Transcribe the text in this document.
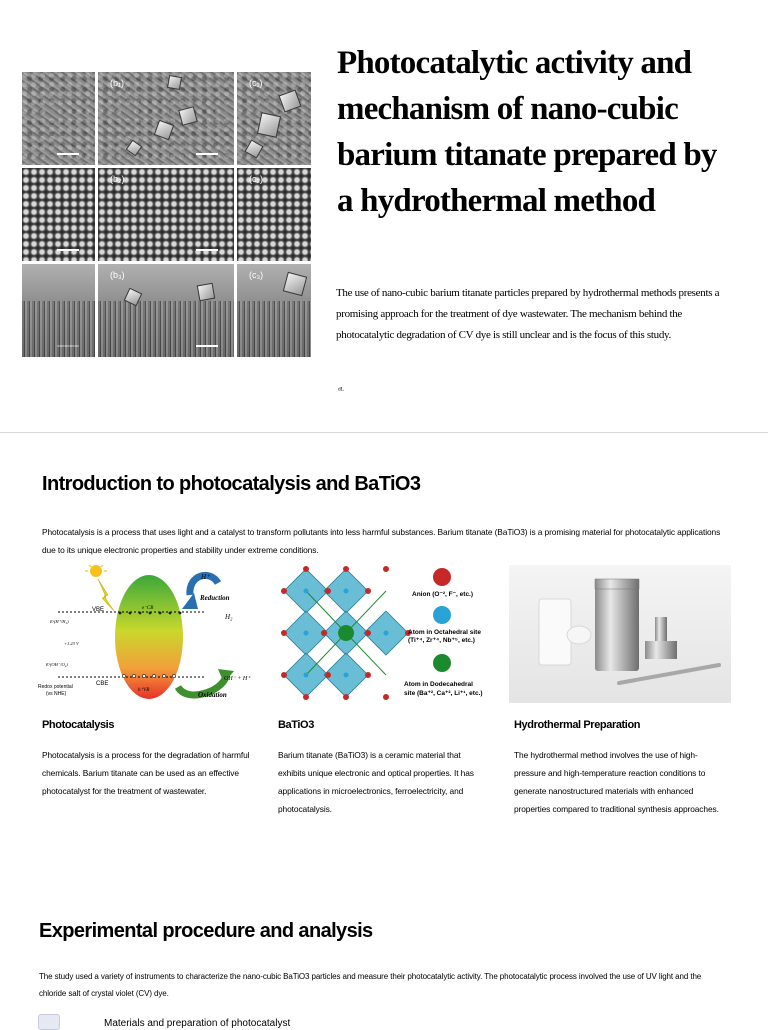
(b₁)	(c₁)
(b₂)	(c₂)
(b₃)	(c₃)
Photocatalytic activity and mechanism of nano-cubic barium titanate prepared by a hydrothermal method

The use of nano-cubic barium titanate particles prepared by hydrothermal methods presents a promising approach for the treatment of dye wastewater. The mechanism behind the photocatalytic degradation of CV dye is still unclear and is the focus of this study.

ᵈᴸ
Introduction to photocatalysis and BaTiO3

Photocatalysis is a process that uses light and a catalyst to transform pollutants into less harmful substances. Barium titanate (BaTiO3) is a promising material for photocatalytic applications due to its unique electronic properties and stability under extreme conditions.

H⁺
Reduction
H₂
VBE	e⁻CB
Eᶜ(H⁺/H₂)
+1.23 V
Eᶜ(OH⁻/O₂)
Redox potential
(vs NHE)
CBE
h⁺VB
OH⁻ + H⁺
Oxidation
Anion (O⁻², F⁻, etc.)
Atom in Octahedral site
(Ti⁺⁴, Zr⁺⁴, Nb⁺⁵, etc.)
Atom in Dodecahedral
site (Ba⁺², Ca⁺², Li⁺¹, etc.)
Photocatalysis

Photocatalysis is a process for the degradation of harmful chemicals. Barium titanate can be used as an effective photocatalyst for the treatment of wastewater.

BaTiO3

Barium titanate (BaTiO3) is a ceramic material that exhibits unique electronic and optical properties. It has applications in microelectronics, ferroelectricity, and photocatalysis.

Hydrothermal Preparation

The hydrothermal method involves the use of high-pressure and high-temperature reaction conditions to generate nanostructured materials with enhanced properties compared to traditional synthesis approaches.

Experimental procedure and analysis

The study used a variety of instruments to characterize the nano-cubic BaTiO3 particles and measure their photocatalytic activity. The photocatalytic process involved the use of UV light and the chloride salt of crystal violet (CV) dye.

Materials and preparation of photocatalyst
